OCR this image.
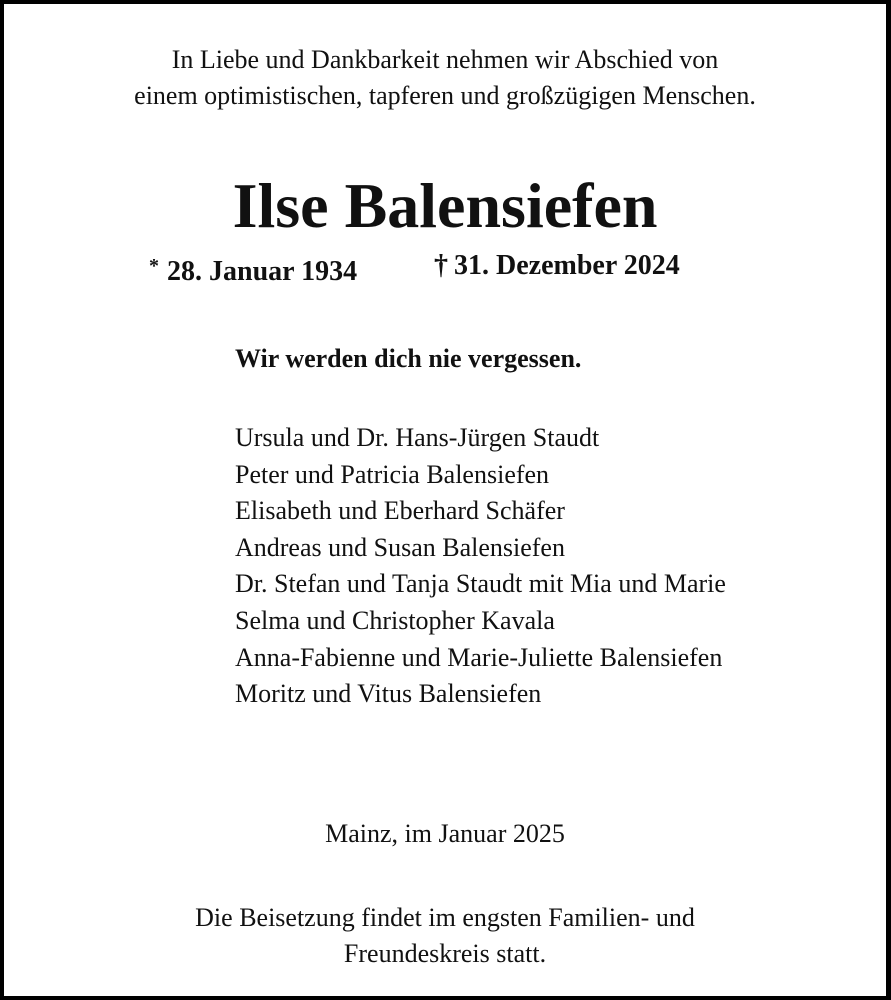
In Liebe und Dankbarkeit nehmen wir Abschied von
einem optimistischen, tapferen und großzügigen Menschen.
Ilse Balensiefen
* 28. Januar 1934	† 31. Dezember 2024
Wir werden dich nie vergessen.
Ursula und Dr. Hans-Jürgen Staudt
Peter und Patricia Balensiefen
Elisabeth und Eberhard Schäfer
Andreas und Susan Balensiefen
Dr. Stefan und Tanja Staudt mit Mia und Marie
Selma und Christopher Kavala
Anna-Fabienne und Marie-Juliette Balensiefen
Moritz und Vitus Balensiefen
Mainz, im Januar 2025
Die Beisetzung findet im engsten Familien- und
Freundeskreis statt.
